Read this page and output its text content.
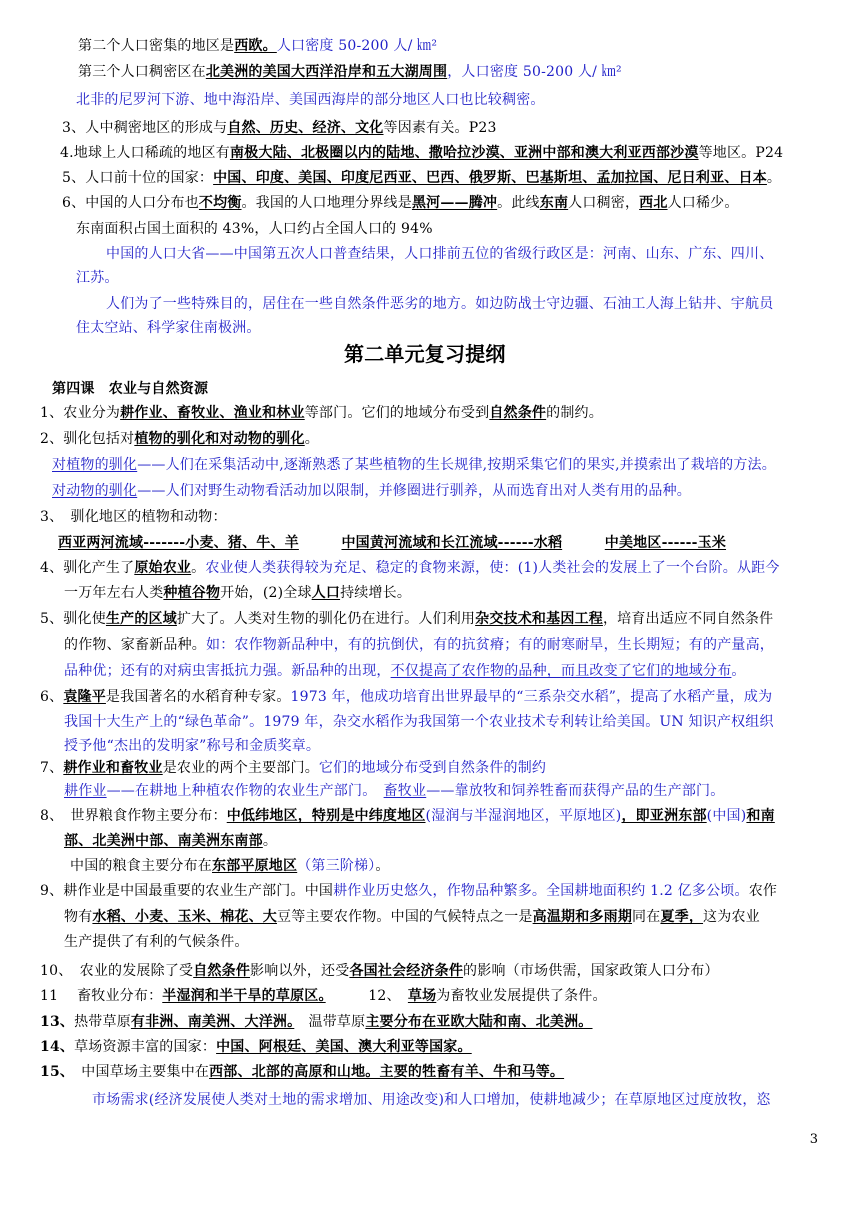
第二个人口密集的地区是西欧。人口密度 50-200 人/ ㎞²
第三个人口稠密区在北美洲的美国大西洋沿岸和五大湖周围，人口密度 50-200 人/ ㎞²
北非的尼罗河下游、地中海沿岸、美国西海岸的部分地区人口也比较稠密。
3、人中稠密地区的形成与自然、历史、经济、文化等因素有关。P23
4.地球上人口稀疏的地区有南极大陆、北极圈以内的陆地、撒哈拉沙漠、亚洲中部和澳大利亚西部沙漠等地区。P24
5、人口前十位的国家：中国、印度、美国、印度尼西亚、巴西、俄罗斯、巴基斯坦、孟加拉国、尼日利亚、日本。
6、中国的人口分布也不均衡。我国的人口地理分界线是黑河——腾冲。此线东南人口稠密，西北人口稀少。
东南面积占国土面积的 43%，人口约占全国人口的 94%
中国的人口大省——中国第五次人口普查结果，人口排前五位的省级行政区是：河南、山东、广东、四川、
江苏。
人们为了一些特殊目的，居住在一些自然条件恶劣的地方。如边防战士守边疆、石油工人海上钻井、宇航员
住太空站、科学家住南极洲。
第二单元复习提纲
第四课　农业与自然资源
1、农业分为耕作业、畜牧业、渔业和林业等部门。它们的地域分布受到自然条件的制约。
2、驯化包括对植物的驯化和对动物的驯化。
对植物的驯化——人们在采集活动中,逐渐熟悉了某些植物的生长规律,按期采集它们的果实,并摸索出了栽培的方法。
对动物的驯化——人们对野生动物看活动加以限制，并修圈进行驯养，从而选育出对人类有用的品种。
3、　驯化地区的植物和动物：
西亚两河流域-------小麦、猪、牛、羊　　　	中国黄河流域和长江流域------水稻　　　	中美地区------玉米
4、驯化产生了原始农业。农业使人类获得较为充足、稳定的食物来源，使：(1)人类社会的发展上了一个台阶。从距今
一万年左右人类种植谷物开始，(2)全球人口持续增长。
5、驯化使生产的区域扩大了。人类对生物的驯化仍在进行。人们利用杂交技术和基因工程，培育出适应不同自然条件
的作物、家畜新品种。如：农作物新品种中，有的抗倒伏，有的抗贫瘠；有的耐寒耐旱，生长期短；有的产量高，
品种优；还有的对病虫害抵抗力强。新品种的出现，不仅提高了农作物的品种，而且改变了它们的地域分布。
6、袁隆平是我国著名的水稻育种专家。1973 年，他成功培育出世界最早的“三系杂交水稻”，提高了水稻产量，成为
我国十大生产上的“绿色革命”。1979 年，杂交水稻作为我国第一个农业技术专利转让给美国。UN 知识产权组织
授予他“杰出的发明家”称号和金质奖章。
7、耕作业和畜牧业是农业的两个主要部门。它们的地域分布受到自然条件的制约
耕作业——在耕地上种植农作物的农业生产部门。　畜牧业——靠放牧和饲养牲畜而获得产品的生产部门。
8、　世界粮食作物主要分布：中低纬地区，特别是中纬度地区(湿润与半湿润地区，平原地区)，即亚洲东部(中国)和南
部、北美洲中部、南美洲东南部。
中国的粮食主要分布在东部平原地区（第三阶梯）。
9、耕作业是中国最重要的农业生产部门。中国耕作业历史悠久，作物品种繁多。全国耕地面积约 1.2 亿多公顷。农作
物有水稻、小麦、玉米、棉花、大豆等主要农作物。中国的气候特点之一是高温期和多雨期同在夏季，这为农业
生产提供了有利的气候条件。
10、　农业的发展除了受自然条件影响以外，还受各国社会经济条件的影响（市场供需，国家政策人口分布）
11　 畜牧业分布：半湿润和半干旱的草原区。　　　12、　草场为畜牧业发展提供了条件。
13、热带草原有非洲、南美洲、大洋洲。　温带草原主要分布在亚欧大陆和南、北美洲。
14、草场资源丰富的国家：中国、阿根廷、美国、澳大利亚等国家。
15、　中国草场主要集中在西部、北部的高原和山地。主要的牲畜有羊、牛和马等。
市场需求(经济发展使人类对土地的需求增加、用途改变)和人口增加，使耕地减少；在草原地区过度放牧，恣
3
